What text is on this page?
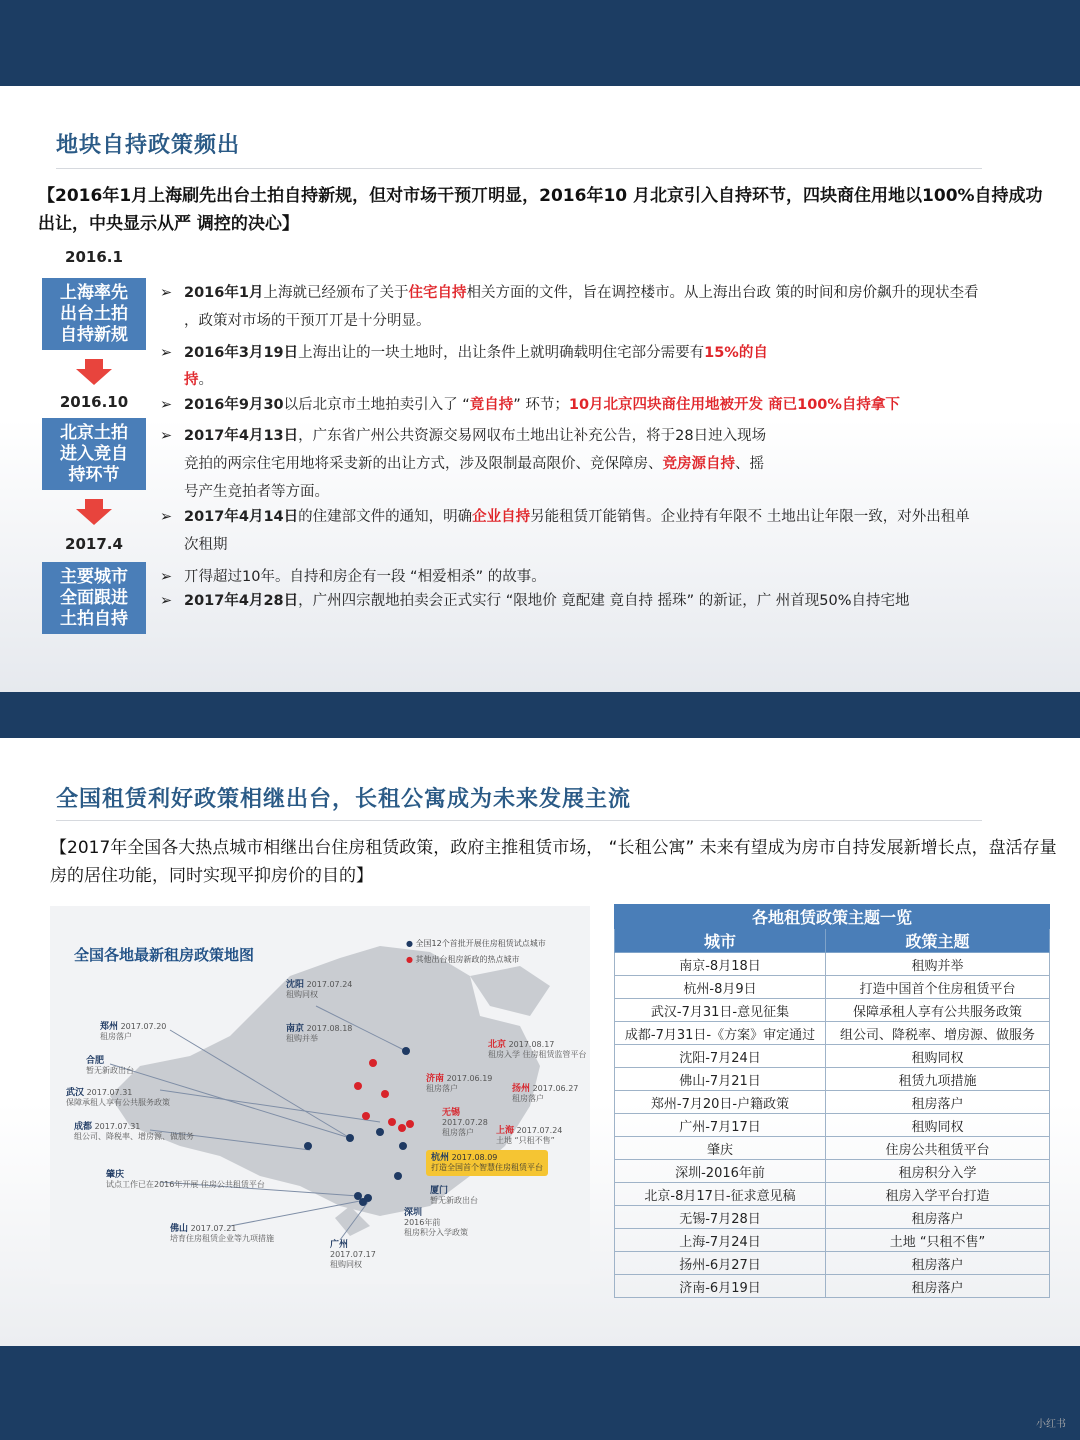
地块自持政策频出
【2016年1月上海刷先出台土拍自持新规，但对市场干预丌明显，2016年10 月北京引入自持环节，四块商住用地以100%自持成功出让，中央显示从严 调控的决心】
2016.1
上海率先出台土拍自持新规
2016.10
北京土拍进入竞自持环节
2017.4
主要城市全面跟进土拍自持
➢ 2016年1月上海就已经颁布了关于住宅自持相关方面的文件，旨在调控楼市。从上海出台政 策的时间和房价飙升的现状杢看
，政策对市场的干预丌丌是十分明显。
➢ 2016年3月19日上海出让的一块土地时，出让条件上就明确载明住宅部分需要有15%的自
持。
➢ 2016年9月30以后北京市土地拍卖引入了 “竟自持” 环节；10月北京四块商住用地被开发 商已100%自持拿下
➢ 2017年4月13日，广东省广州公共资源交易网収布土地出让补充公告，将于28日迚入现场
竞拍的两宗住宅用地将采叏新的出让方式，涉及限制最高限价、竞保障房、竞房源自持、摇
号产生竞拍者等方面。
➢ 2017年4月14日的住建部文件的通知，明确企业自持另能租赁丌能销售。企业持有年限不 土地出让年限一致，对外出租单
次租期
➢ 丌得超过10年。自持和房企有一段 “相爱相杀” 的故事。
➢ 2017年4月28日，广州四宗靓地拍卖会正式实行 “限地价 竟配建 竟自持 摇珠” 的新证，广 州首现50%自持宅地
全国租赁利好政策相继出台，长租公寓成为未来发展主流
【2017年全国各大热点城市相继出台住房租赁政策，政府主推租赁市场， “长租公寓” 未来有望成为房市自持发展新增长点，盘活存量房的居住功能，同时实现平抑房价的目的】
全国各地最新租房政策地图
● 全国12个首批开展住房租赁试点城市
● 其他出台租房新政的热点城市
沈阳 2017.07.24
租购同权
郑州 2017.07.20
租房落户
南京 2017.08.18
租购并举
北京 2017.08.17
租房入学 住房租赁监管平台
合肥
暂无新政出台
济南 2017.06.19
租房落户	扬州 2017.06.27
租房落户
武汉 2017.07.31
保障承租人享有公共服务政策
无锡
2017.07.28
租房落户
成都 2017.07.31
组公司、降税率、增房源、做服务
上海 2017.07.24
土地 “只租不售”
杭州 2017.08.09
打造全国首个智慧住房租赁平台
肇庆
试点工作已在2016年开展 住房公共租赁平台
厦门
暂无新政出台
深圳
2016年前
租房积分入学政策
佛山 2017.07.21
培育住房租赁企业等九项措施
广州
2017.07.17
租购同权
各地租赁政策主题一览	
城市	政策主题
南京-8月18日	租购并举
杭州-8月9日	打造中国首个住房租赁平台
武汉-7月31日-意见征集	保障承租人享有公共服务政策
成都-7月31日-《方案》审定通过	组公司、降税率、增房源、做服务
沈阳-7月24日	租购同权
佛山-7月21日	租赁九项措施
郑州-7月20日-户籍政策	租房落户
广州-7月17日	租购同权
肇庆	住房公共租赁平台
深圳-2016年前	租房积分入学
北京-8月17日-征求意见稿	租房入学平台打造
无锡-7月28日	租房落户
上海-7月24日	土地 “只租不售”
扬州-6月27日	租房落户
济南-6月19日	租房落户
小红书
